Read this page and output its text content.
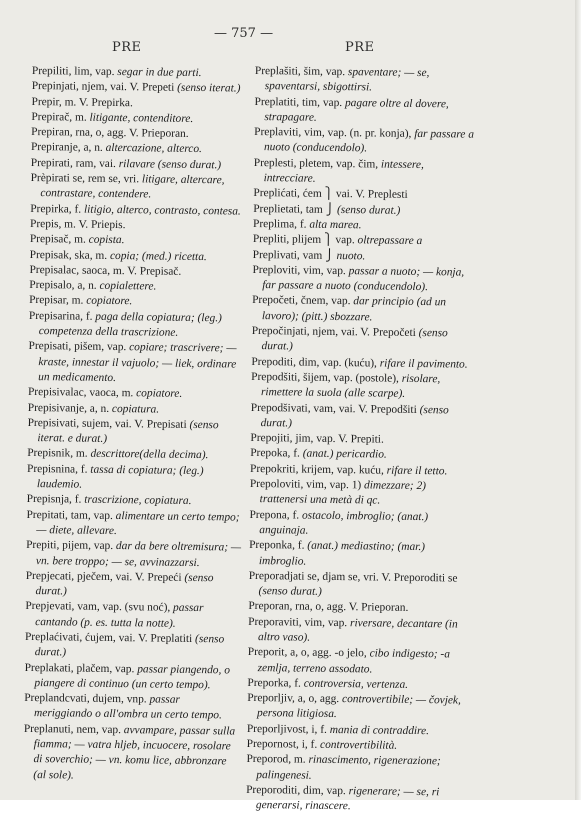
PRE
— 757 —
PRE

Prepiliti, lim, vap. segar in due parti.

Prepinjati, njem, vai. V. Prepeti (senso iterat.)

Prepir, m. V. Prepirka.

Prepirač, m. litigante, contenditore.

Prepiran, rna, o, agg. V. Prieporan.

Prepiranje, a, n. altercazione, alterco.

Prepirati, ram, vai. rilavare (senso durat.)

Prèpirati se, rem se, vri. litigare, altercare, contrastare, contendere.

Prepirka, f. litigio, alterco, contrasto, contesa.

Prepis, m. V. Priepis.

Prepisač, m. copista.

Prepisak, ska, m. copia; (med.) ricetta.

Prepisalac, saoca, m. V. Prepisač.

Prepisalo, a, n. copialettere.

Prepisar, m. copiatore.

Prepisarina, f. paga della copiatura; (leg.) competenza della trascrizione.

Prepisati, pišem, vap. copiare; trascrivere; — kraste, innestar il vajuolo; — liek, ordinare un medicamento.

Prepisivalac, vaoca, m. copiatore.

Prepisivanje, a, n. copiatura.

Prepisivati, sujem, vai. V. Prepisati (senso iterat. e durat.)

Prepisnik, m. descrittore(della decima).

Prepisnina, f. tassa di copiatura; (leg.) laudemio.

Prepisnja, f. trascrizione, copiatura.

Prepitati, tam, vap. alimentare un certo tempo; — diete, allevare.

Prepiti, pijem, vap. dar da bere oltremisura; — vn. bere troppo; — se, avvinazzarsi.

Prepjecati, pječem, vai. V. Prepeći (senso durat.)

Prepjevati, vam, vap. (svu noć), passar cantando (p. es. tutta la notte).

Preplaćivati, ćujem, vai. V. Preplatiti (senso durat.)

Preplakati, plačem, vap. passar piangendo, o piangere di continuo (un certo tempo).

Preplandcvati, dujem, vnp. passar meriggiando o all'ombra un certo tempo.

Preplanuti, nem, vap. avvampare, passar sulla fiamma; — vatra hljeb, incuocere, rosolare di soverchio; — vn. komu lice, abbronzare (al sole).

Preplašiti, šim, vap. spaventare; — se, spaventarsi, sbigottirsi.

Preplatiti, tim, vap. pagare oltre al dovere, strapagare.

Preplaviti, vim, vap. (n. pr. konja), far passare a nuoto (conducendolo).

Preplesti, pletem, vap. čim, intessere, intrecciare.

Preplićati, ćem ⎫ vai. V. Preplesti

Preplietati, tam ⎭ (senso durat.)

Preplima, f. alta marea.

Prepliti, plijem ⎫ vap. oltrepassare a

Preplivati, vam ⎭ nuoto.

Preploviti, vim, vap. passar a nuoto; — konja, far passare a nuoto (conducendolo).

Prepočeti, čnem, vap. dar principio (ad un lavoro); (pitt.) sbozzare.

Prepočinjati, njem, vai. V. Prepočeti (senso durat.)

Prepoditi, dim, vap. (kuću), rifare il pavimento.

Prepodšiti, šijem, vap. (postole), risolare, rimettere la suola (alle scarpe).

Prepodšivati, vam, vai. V. Prepodšiti (senso durat.)

Prepojiti, jim, vap. V. Prepiti.

Prepoka, f. (anat.) pericardio.

Prepokriti, krijem, vap. kuću, rifare il tetto.

Prepoloviti, vim, vap. 1) dimezzare; 2) trattenersi una metà di qc.

Prepona, f. ostacolo, imbroglio; (anat.) anguinaja.

Preponka, f. (anat.) mediastino; (mar.) imbroglio.

Preporadjati se, djam se, vri. V. Preporoditi se (senso durat.)

Preporan, rna, o, agg. V. Prieporan.

Preporaviti, vim, vap. riversare, decantare (in altro vaso).

Preporit, a, o, agg. -o jelo, cibo indigesto; -a zemlja, terreno assodato.

Preporka, f. controversia, vertenza.

Preporljiv, a, o, agg. controvertibile; — čovjek, persona litigiosa.

Preporljivost, i, f. mania di contraddire.

Prepornost, i, f. controvertibilità.

Preporod, m. rinascimento, rigenerazione; palingenesi.

Preporoditi, dim, vap. rigenerare; — se, ri generarsi, rinascere.
